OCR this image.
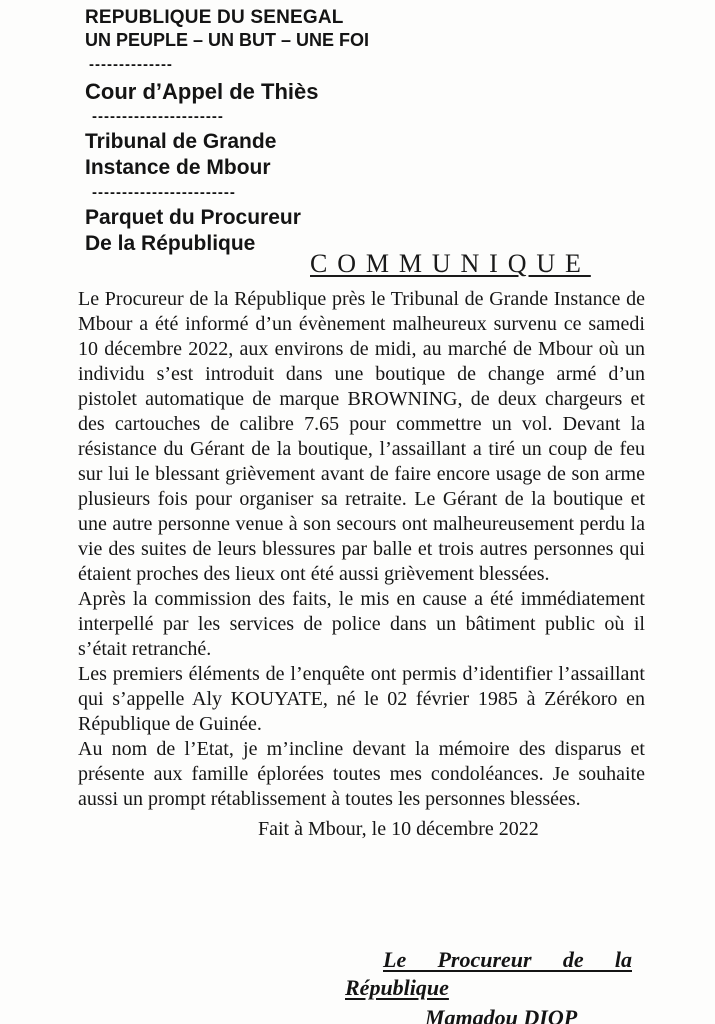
REPUBLIQUE DU SENEGAL
UN PEUPLE – UN BUT – UNE FOI
--------------
Cour d’Appel de Thiès
----------------------
Tribunal de Grande
Instance de Mbour
------------------------
Parquet du Procureur
De la République
COMMUNIQUE

Le Procureur de la République près le Tribunal de Grande Instance de Mbour a été informé d’un évènement malheureux survenu ce samedi 10 décembre 2022, aux environs de midi, au marché de Mbour où un individu s’est introduit dans une boutique de change armé d’un pistolet automatique de marque BROWNING, de deux chargeurs et des cartouches de calibre 7.65 pour commettre un vol. Devant la résistance du Gérant de la boutique, l’assaillant a tiré un coup de feu sur lui le blessant grièvement avant de faire encore usage de son arme plusieurs fois pour organiser sa retraite. Le Gérant de la boutique et une autre personne venue à son secours ont malheureusement perdu la vie des suites de leurs blessures par balle et trois autres personnes qui étaient proches des lieux ont été aussi grièvement blessées.

Après la commission des faits, le mis en cause a été immédiatement interpellé par les services de police dans un bâtiment public où il s’était retranché.

Les premiers éléments de l’enquête ont permis d’identifier l’assaillant qui s’appelle Aly KOUYATE, né le 02 février 1985 à Zérékoro en République de Guinée.

Au nom de l’Etat, je m’incline devant la mémoire des disparus et présente aux famille éplorées toutes mes condoléances. Je souhaite aussi un prompt rétablissement à toutes les personnes blessées.

Fait à Mbour, le 10 décembre 2022

Le Procureur de la
République
Mamadou DIOP
